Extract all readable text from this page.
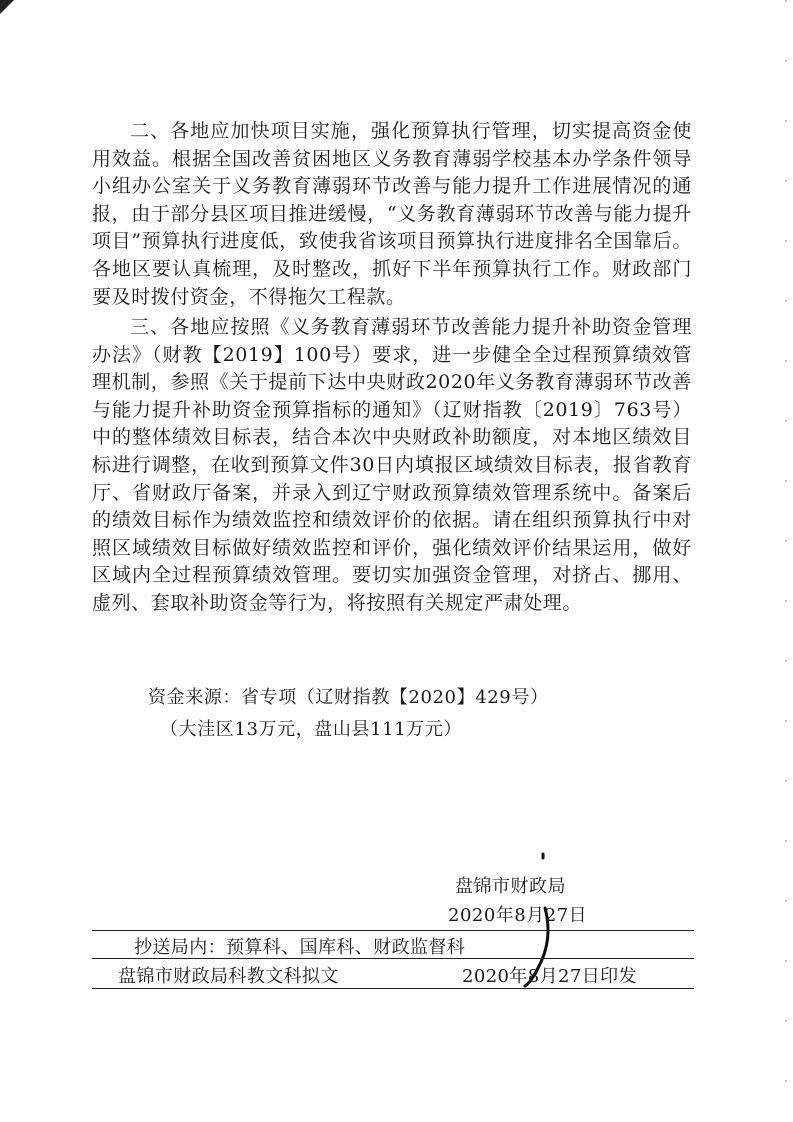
二、各地应加快项目实施，强化预算执行管理，切实提高资金使用效益。根据全国改善贫困地区义务教育薄弱学校基本办学条件领导小组办公室关于义务教育薄弱环节改善与能力提升工作进展情况的通报，由于部分县区项目推进缓慢，“义务教育薄弱环节改善与能力提升项目”预算执行进度低，致使我省该项目预算执行进度排名全国靠后。各地区要认真梳理，及时整改，抓好下半年预算执行工作。财政部门要及时拨付资金，不得拖欠工程款。

三、各地应按照《义务教育薄弱环节改善能力提升补助资金管理办法》（财教【2019】100号）要求，进一步健全全过程预算绩效管理机制，参照《关于提前下达中央财政2020年义务教育薄弱环节改善与能力提升补助资金预算指标的通知》（辽财指教〔2019〕763号）中的整体绩效目标表，结合本次中央财政补助额度，对本地区绩效目标进行调整，在收到预算文件30日内填报区域绩效目标表，报省教育厅、省财政厅备案，并录入到辽宁财政预算绩效管理系统中。备案后的绩效目标作为绩效监控和绩效评价的依据。请在组织预算执行中对照区域绩效目标做好绩效监控和评价，强化绩效评价结果运用，做好区域内全过程预算绩效管理。要切实加强资金管理，对挤占、挪用、虚列、套取补助资金等行为，将按照有关规定严肃处理。

资金来源：省专项（辽财指教【2020】429号）

（大洼区13万元，盘山县111万元）

盘锦市财政局

2020年8月27日

抄送局内：预算科、国库科、财政监督科

盘锦市财政局科教文科拟文	2020年8月27日印发
